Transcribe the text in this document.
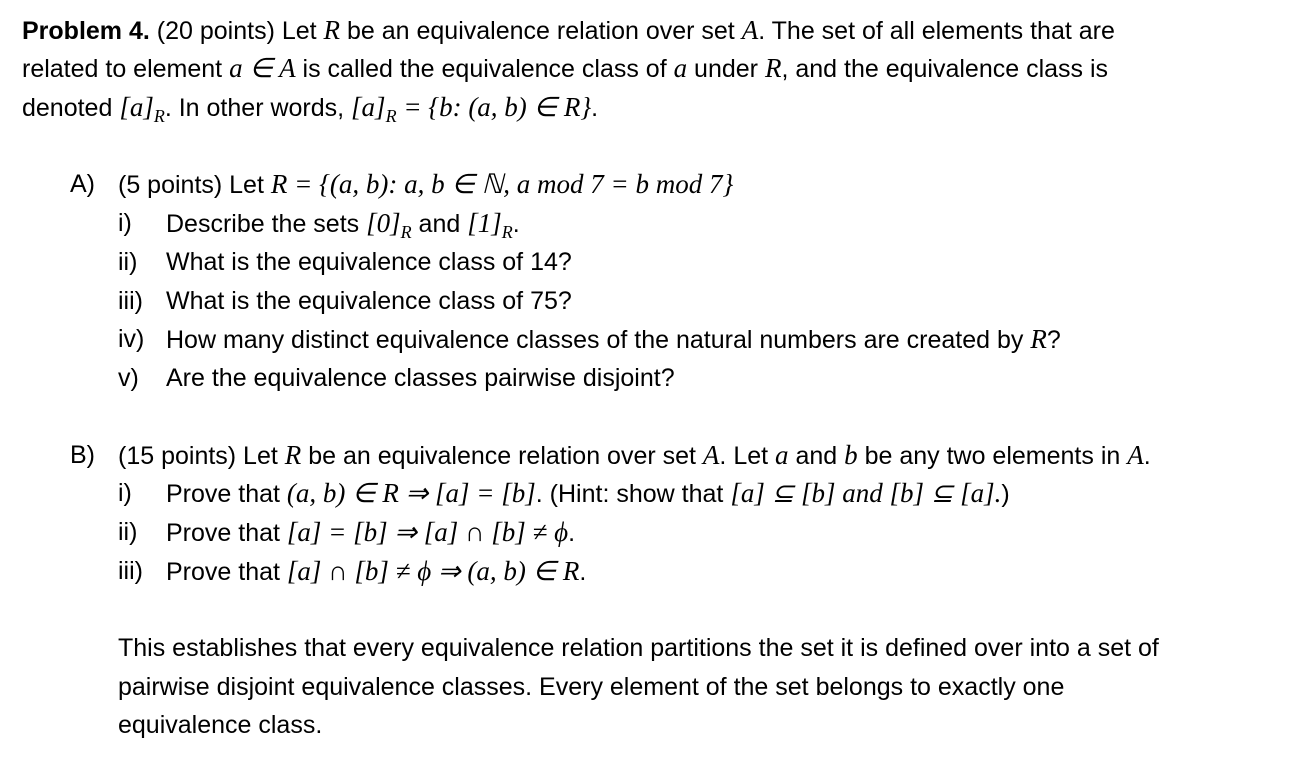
Problem 4. (20 points) Let R be an equivalence relation over set A. The set of all elements that are
related to element a ∈ A is called the equivalence class of a under R, and the equivalence class is
denoted $[a]_R$. In other words, $[a]_R = \{b$: (a, b) ∈ R}.
A) (5 points) Let R = {(a, b): a, b ∈ ℕ, a mod 7 = b mod 7}
i) Describe the sets $[0]_R$ and $[1]_R$.
ii) What is the equivalence class of 14?
iii) What is the equivalence class of 75?
iv) How many distinct equivalence classes of the natural numbers are created by R?
v) Are the equivalence classes pairwise disjoint?
B) (15 points) Let R be an equivalence relation over set A. Let a and b be any two elements in A.
i) Prove that (a, b) ∈ R ⇒ [a] = [b]. (Hint: show that [a] ⊆ [b] and [b] ⊆ [a].)
ii) Prove that [a] = [b] ⇒ [a] ∩ [b] ≠ ϕ.
iii) Prove that [a] ∩ [b] ≠ ϕ ⇒ (a, b) ∈ R.
This establishes that every equivalence relation partitions the set it is defined over into a set of
pairwise disjoint equivalence classes. Every element of the set belongs to exactly one
equivalence class.
